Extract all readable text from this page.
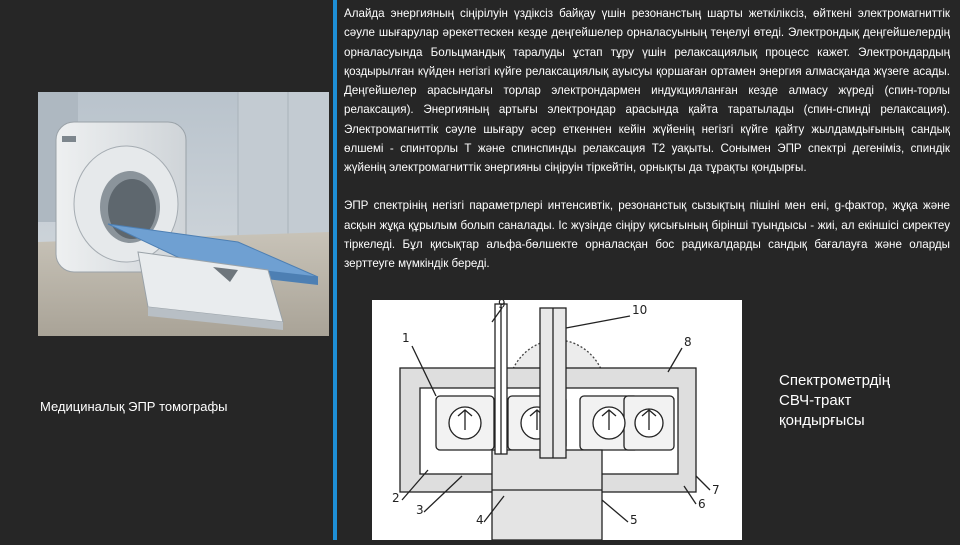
Медициналық ЭПР томографы

Алайда энергияның сіңірілуін үздіксіз байқау үшін резонанстың шарты жеткіліксіз, өйткені электромагниттік сәуле шығарулар әрекеттескен кезде деңгейшелер орналасуының теңелуі өтеді. Электрондық деңгейшелердің орналасуында Больцмандық таралуды ұстап тұру үшін релаксациялық процесс кажет. Электрондардың қоздырылған күйден негізгі күйге релаксациялық ауысуы қоршаған ортамен энергия алмасқанда жүзеге асады. Деңгейшелер арасындағы торлар электрондармен индукцияланған кезде алмасу жүреді (спин-торлы релаксация). Энергияның артығы электрондар арасында қайта таратылады (спин-спинді релаксация). Электромагниттік сәуле шығару әсер еткеннен кейін жүйенің негізгі күйге қайту жылдамдығының сандық өлшемі - спинторлы Т және спинспинды релаксация Т2 уақыты. Сонымен ЭПР спектрі дегеніміз, спиндік жүйенің электромагниттік энергияны сіңіруін тіркейтін, орнықты да тұрақты қондырғы.

ЭПР спектрінің негізгі параметрлері интенсивтік, резонанстық сызықтың пішіні мен ені, g-фактор, жұқа және асқын жұқа құрылым болып саналады. Іс жүзінде сіңіру қисығының бірінші туындысы - жиі, ал екіншісі сиректеу тіркеледі. Бұл қисықтар альфа-бөлшекте орналасқан бос радикалдарды сандық бағалауға және оларды зерттеуге мүмкіндік береді.

1
2
3
4	5
6
7
8
9	10
Спектрометрдің
СВЧ-тракт
қондырғысы
